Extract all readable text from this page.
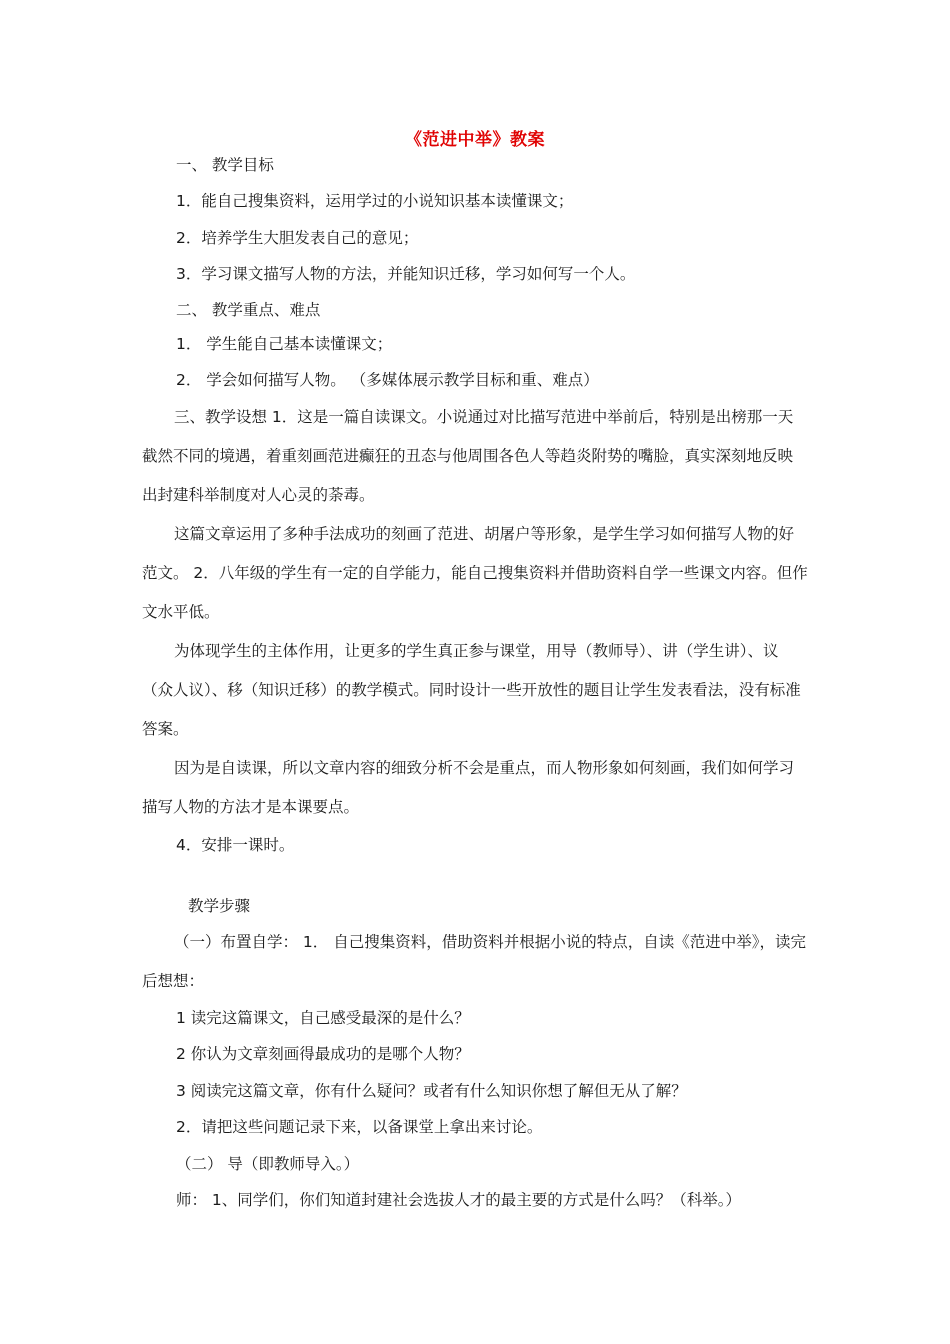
《范进中举》教案
一、 教学目标
1．能自己搜集资料，运用学过的小说知识基本读懂课文；
2．培养学生大胆发表自己的意见；
3．学习课文描写人物的方法，并能知识迁移，学习如何写一个人。
二、 教学重点、难点
1． 学生能自己基本读懂课文；
2． 学会如何描写人物。 （多媒体展示教学目标和重、难点）
三、教学设想 1．这是一篇自读课文。小说通过对比描写范进中举前后，特别是出榜那一天截然不同的境遇，着重刻画范进癫狂的丑态与他周围各色人等趋炎附势的嘴脸，真实深刻地反映出封建科举制度对人心灵的荼毒。
这篇文章运用了多种手法成功的刻画了范进、胡屠户等形象，是学生学习如何描写人物的好范文。 2．八年级的学生有一定的自学能力，能自己搜集资料并借助资料自学一些课文内容。但作文水平低。
为体现学生的主体作用，让更多的学生真正参与课堂，用导（教师导）、讲（学生讲）、议（众人议）、移（知识迁移）的教学模式。同时设计一些开放性的题目让学生发表看法，没有标准答案。
因为是自读课，所以文章内容的细致分析不会是重点，而人物形象如何刻画，我们如何学习描写人物的方法才是本课要点。
4．安排一课时。
教学步骤
（一）布置自学： 1． 自己搜集资料，借助资料并根据小说的特点，自读《范进中举》，读完后想想：
1 读完这篇课文，自己感受最深的是什么？
2 你认为文章刻画得最成功的是哪个人物？
3 阅读完这篇文章，你有什么疑问？或者有什么知识你想了解但无从了解？
2．请把这些问题记录下来，以备课堂上拿出来讨论。
（二） 导（即教师导入。）
师： 1、同学们，你们知道封建社会选拔人才的最主要的方式是什么吗？（科举。）
